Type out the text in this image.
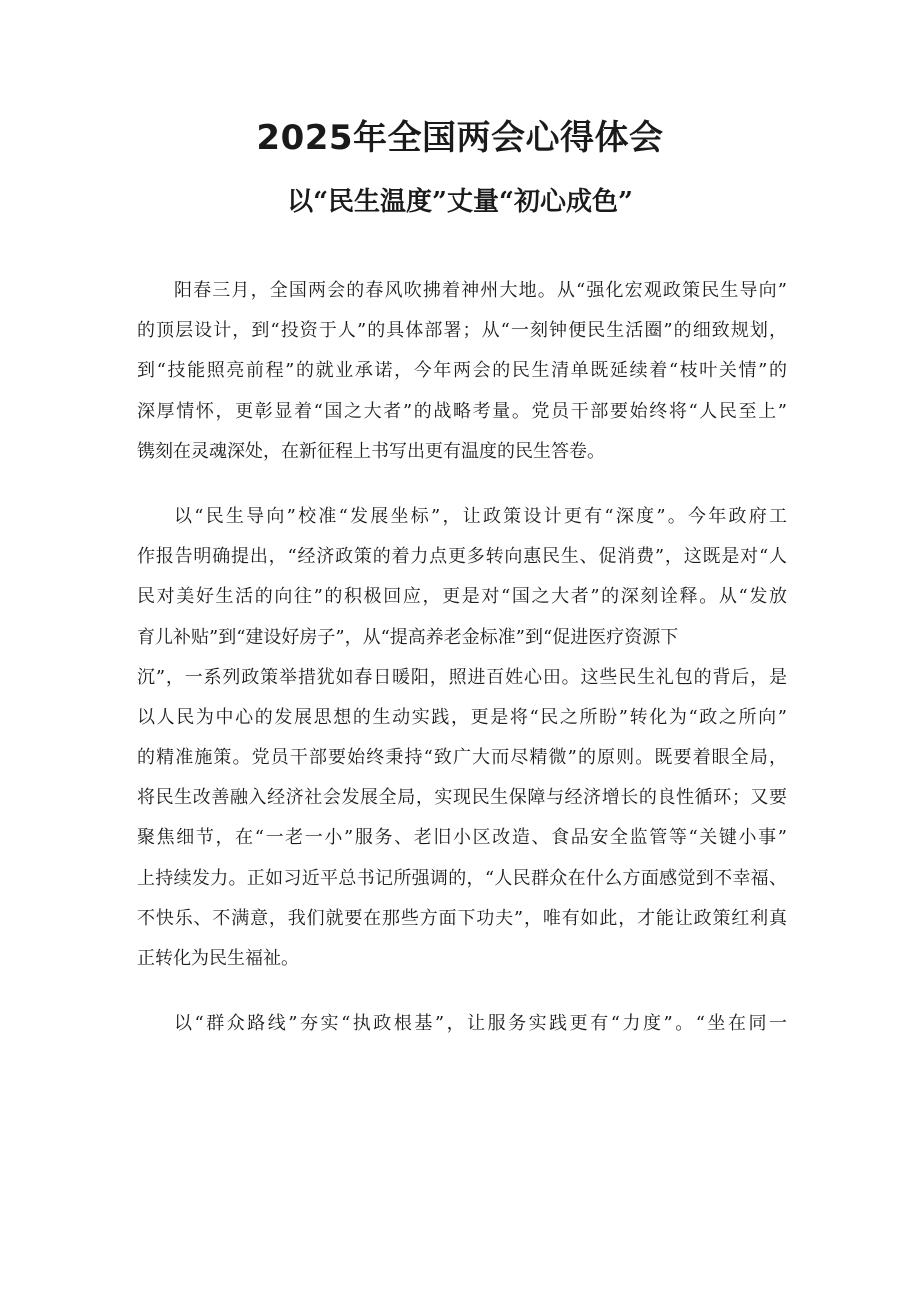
2025年全国两会心得体会
以“民生温度”丈量“初心成色”

阳春三月，全国两会的春风吹拂着神州大地。从“强化宏观政策民生导向”
的顶层设计，到“投资于人”的具体部署；从“一刻钟便民生活圈”的细致规划，
到“技能照亮前程”的就业承诺，今年两会的民生清单既延续着“枝叶关情”的
深厚情怀，更彰显着“国之大者”的战略考量。党员干部要始终将“人民至上”
镌刻在灵魂深处，在新征程上书写出更有温度的民生答卷。

以“民生导向”校准“发展坐标”，让政策设计更有“深度”。今年政府工
作报告明确提出，“经济政策的着力点更多转向惠民生、促消费”，这既是对“人
民对美好生活的向往”的积极回应，更是对“国之大者”的深刻诠释。从“发放
育儿补贴”到“建设好房子”，从“提高养老金标准”到“促进医疗资源下
沉”，一系列政策举措犹如春日暖阳，照进百姓心田。这些民生礼包的背后，是
以人民为中心的发展思想的生动实践，更是将“民之所盼”转化为“政之所向”
的精准施策。党员干部要始终秉持“致广大而尽精微”的原则。既要着眼全局，
将民生改善融入经济社会发展全局，实现民生保障与经济增长的良性循环；又要
聚焦细节，在“一老一小”服务、老旧小区改造、食品安全监管等“关键小事”
上持续发力。正如习近平总书记所强调的，“人民群众在什么方面感觉到不幸福、
不快乐、不满意，我们就要在那些方面下功夫”，唯有如此，才能让政策红利真
正转化为民生福祉。

以“群众路线”夯实“执政根基”，让服务实践更有“力度”。“坐在同一
